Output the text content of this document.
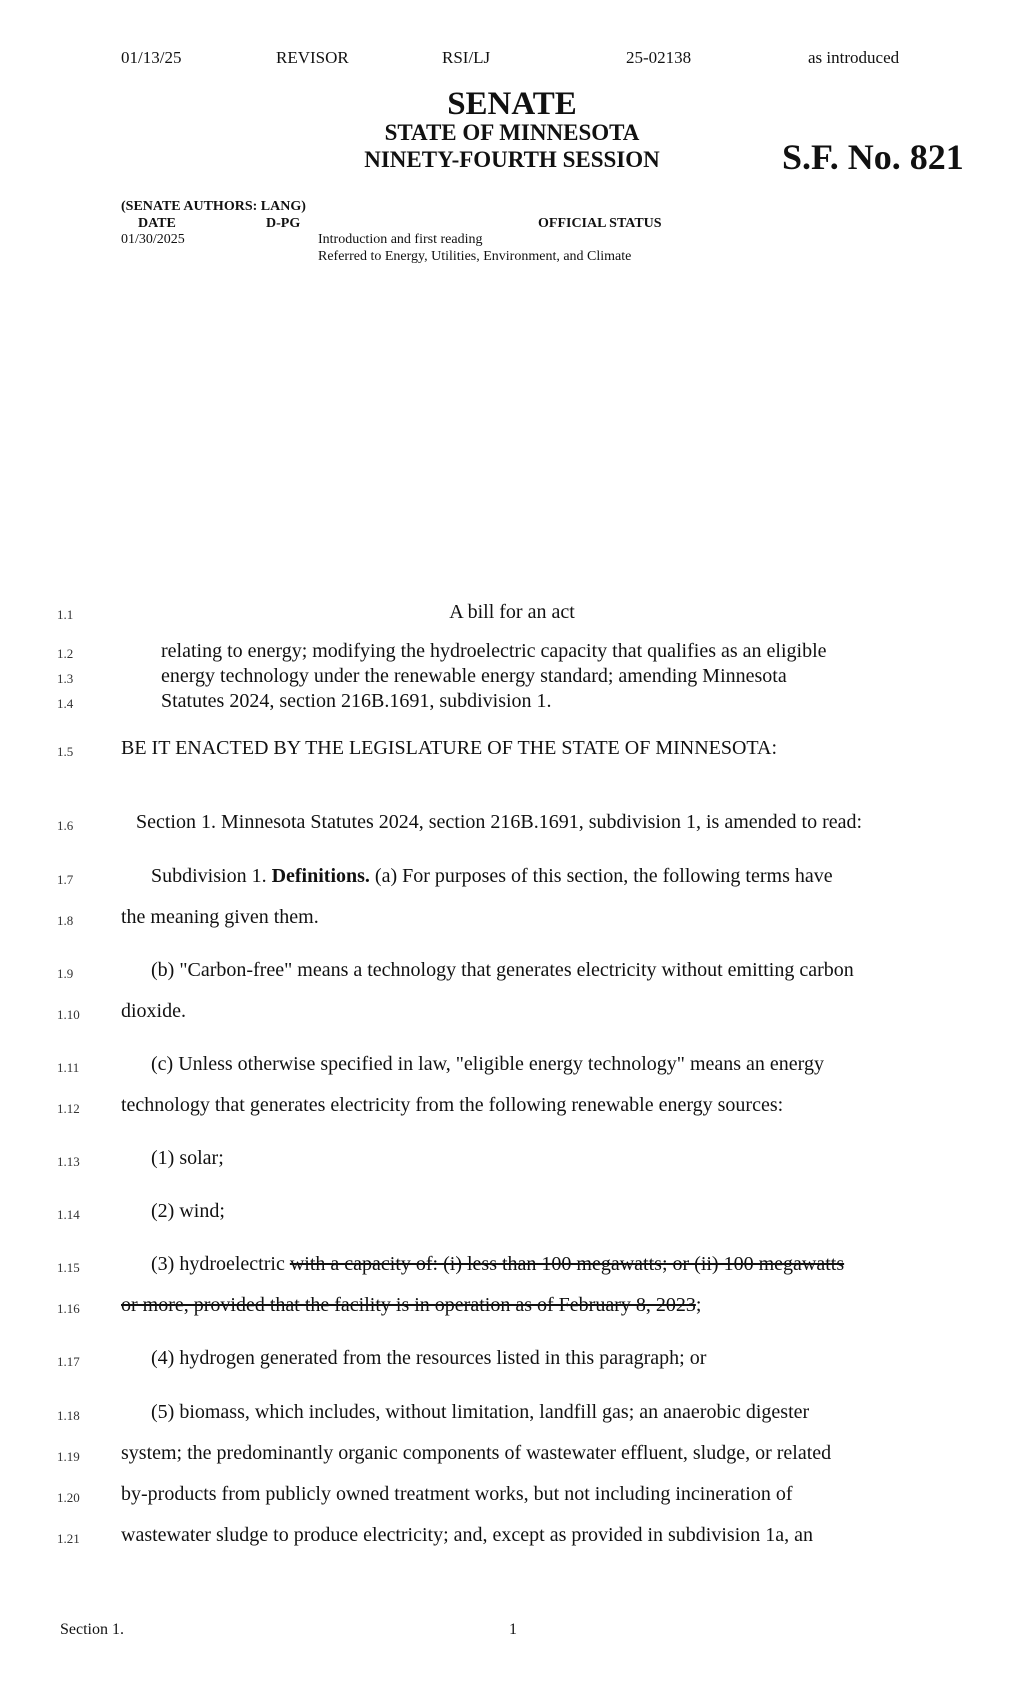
01/13/25	REVISOR	RSI/LJ	25-02138	as introduced
SENATE
STATE OF MINNESOTA
NINETY-FOURTH SESSION	S.F. No. 821
(SENATE AUTHORS: LANG)
DATE	D-PG	OFFICIAL STATUS
01/30/2025	Introduction and first reading
Referred to Energy, Utilities, Environment, and Climate
1.1	A bill for an act
1.2	relating to energy; modifying the hydroelectric capacity that qualifies as an eligible
1.3	energy technology under the renewable energy standard; amending Minnesota
1.4	Statutes 2024, section 216B.1691, subdivision 1.
1.5 BE IT ENACTED BY THE LEGISLATURE OF THE STATE OF MINNESOTA:
1.6	Section 1. Minnesota Statutes 2024, section 216B.1691, subdivision 1, is amended to read:
1.7	Subdivision 1. Definitions. (a) For purposes of this section, the following terms have
1.8 the meaning given them.
1.9	(b) "Carbon-free" means a technology that generates electricity without emitting carbon
1.10 dioxide.
1.11	(c) Unless otherwise specified in law, "eligible energy technology" means an energy
1.12 technology that generates electricity from the following renewable energy sources:
1.13	(1) solar;
1.14	(2) wind;
1.15	(3) hydroelectric with a capacity of: (i) less than 100 megawatts; or (ii) 100 megawatts
1.16 or more, provided that the facility is in operation as of February 8, 2023;
1.17	(4) hydrogen generated from the resources listed in this paragraph; or
1.18	(5) biomass, which includes, without limitation, landfill gas; an anaerobic digester
1.19 system; the predominantly organic components of wastewater effluent, sludge, or related
1.20 by-products from publicly owned treatment works, but not including incineration of
1.21 wastewater sludge to produce electricity; and, except as provided in subdivision 1a, an
Section 1.	1
